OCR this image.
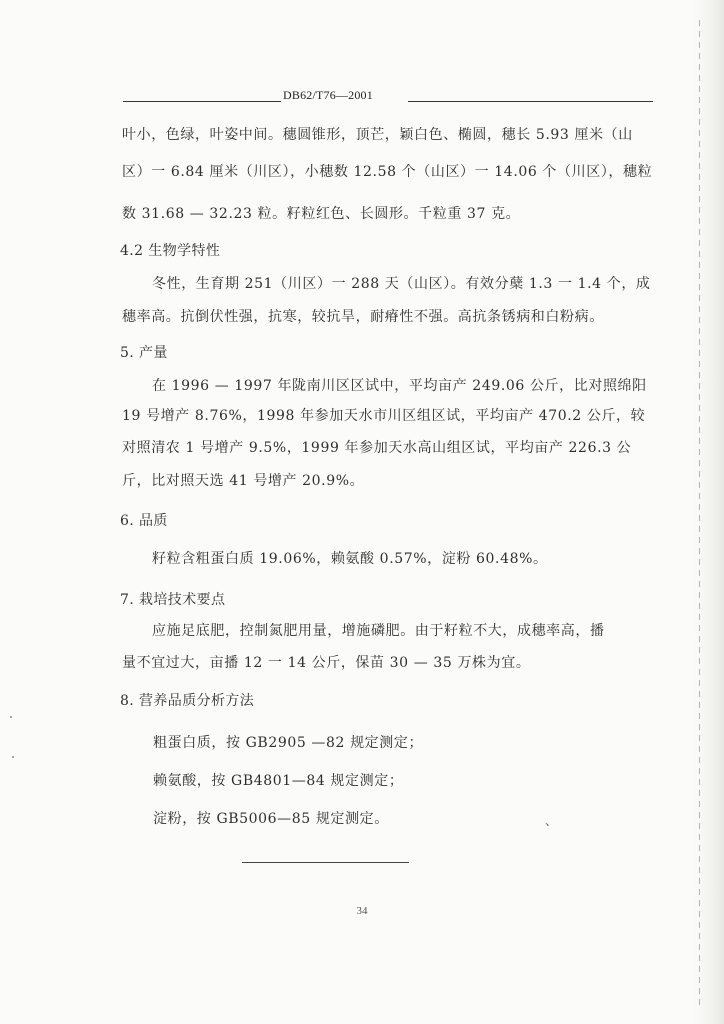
DB62/T76—2001
叶小，色绿，叶姿中间。穗圆锥形，顶芒，颖白色、椭圆，穗长 5.93 厘米（山
区）一 6.84 厘米（川区），小穗数 12.58 个（山区）一 14.06 个（川区），穗粒
数 31.68 — 32.23 粒。籽粒红色、长圆形。千粒重 37 克。
4.2 生物学特性
冬性，生育期 251（川区）一 288 天（山区）。有效分蘖 1.3 一 1.4 个，成
穗率高。抗倒伏性强，抗寒，较抗旱，耐瘠性不强。高抗条锈病和白粉病。
5. 产量
在 1996 — 1997 年陇南川区区试中，平均亩产 249.06 公斤，比对照绵阳
19 号增产 8.76%，1998 年参加天水市川区组区试，平均亩产 470.2 公斤，较
对照清农 1 号增产 9.5%，1999 年参加天水高山组区试，平均亩产 226.3 公
斤，比对照天选 41 号增产 20.9%。
6. 品质
籽粒含粗蛋白质 19.06%，赖氨酸 0.57%，淀粉 60.48%。
7. 栽培技术要点
应施足底肥，控制氮肥用量，增施磷肥。由于籽粒不大，成穗率高，播
量不宜过大，亩播 12 一 14 公斤，保苗 30 — 35 万株为宜。
8. 营养品质分析方法
粗蛋白质，按 GB2905 —82 规定测定；
赖氨酸，按 GB4801—84 规定测定；
淀粉，按 GB5006—85 规定测定。	、
34
